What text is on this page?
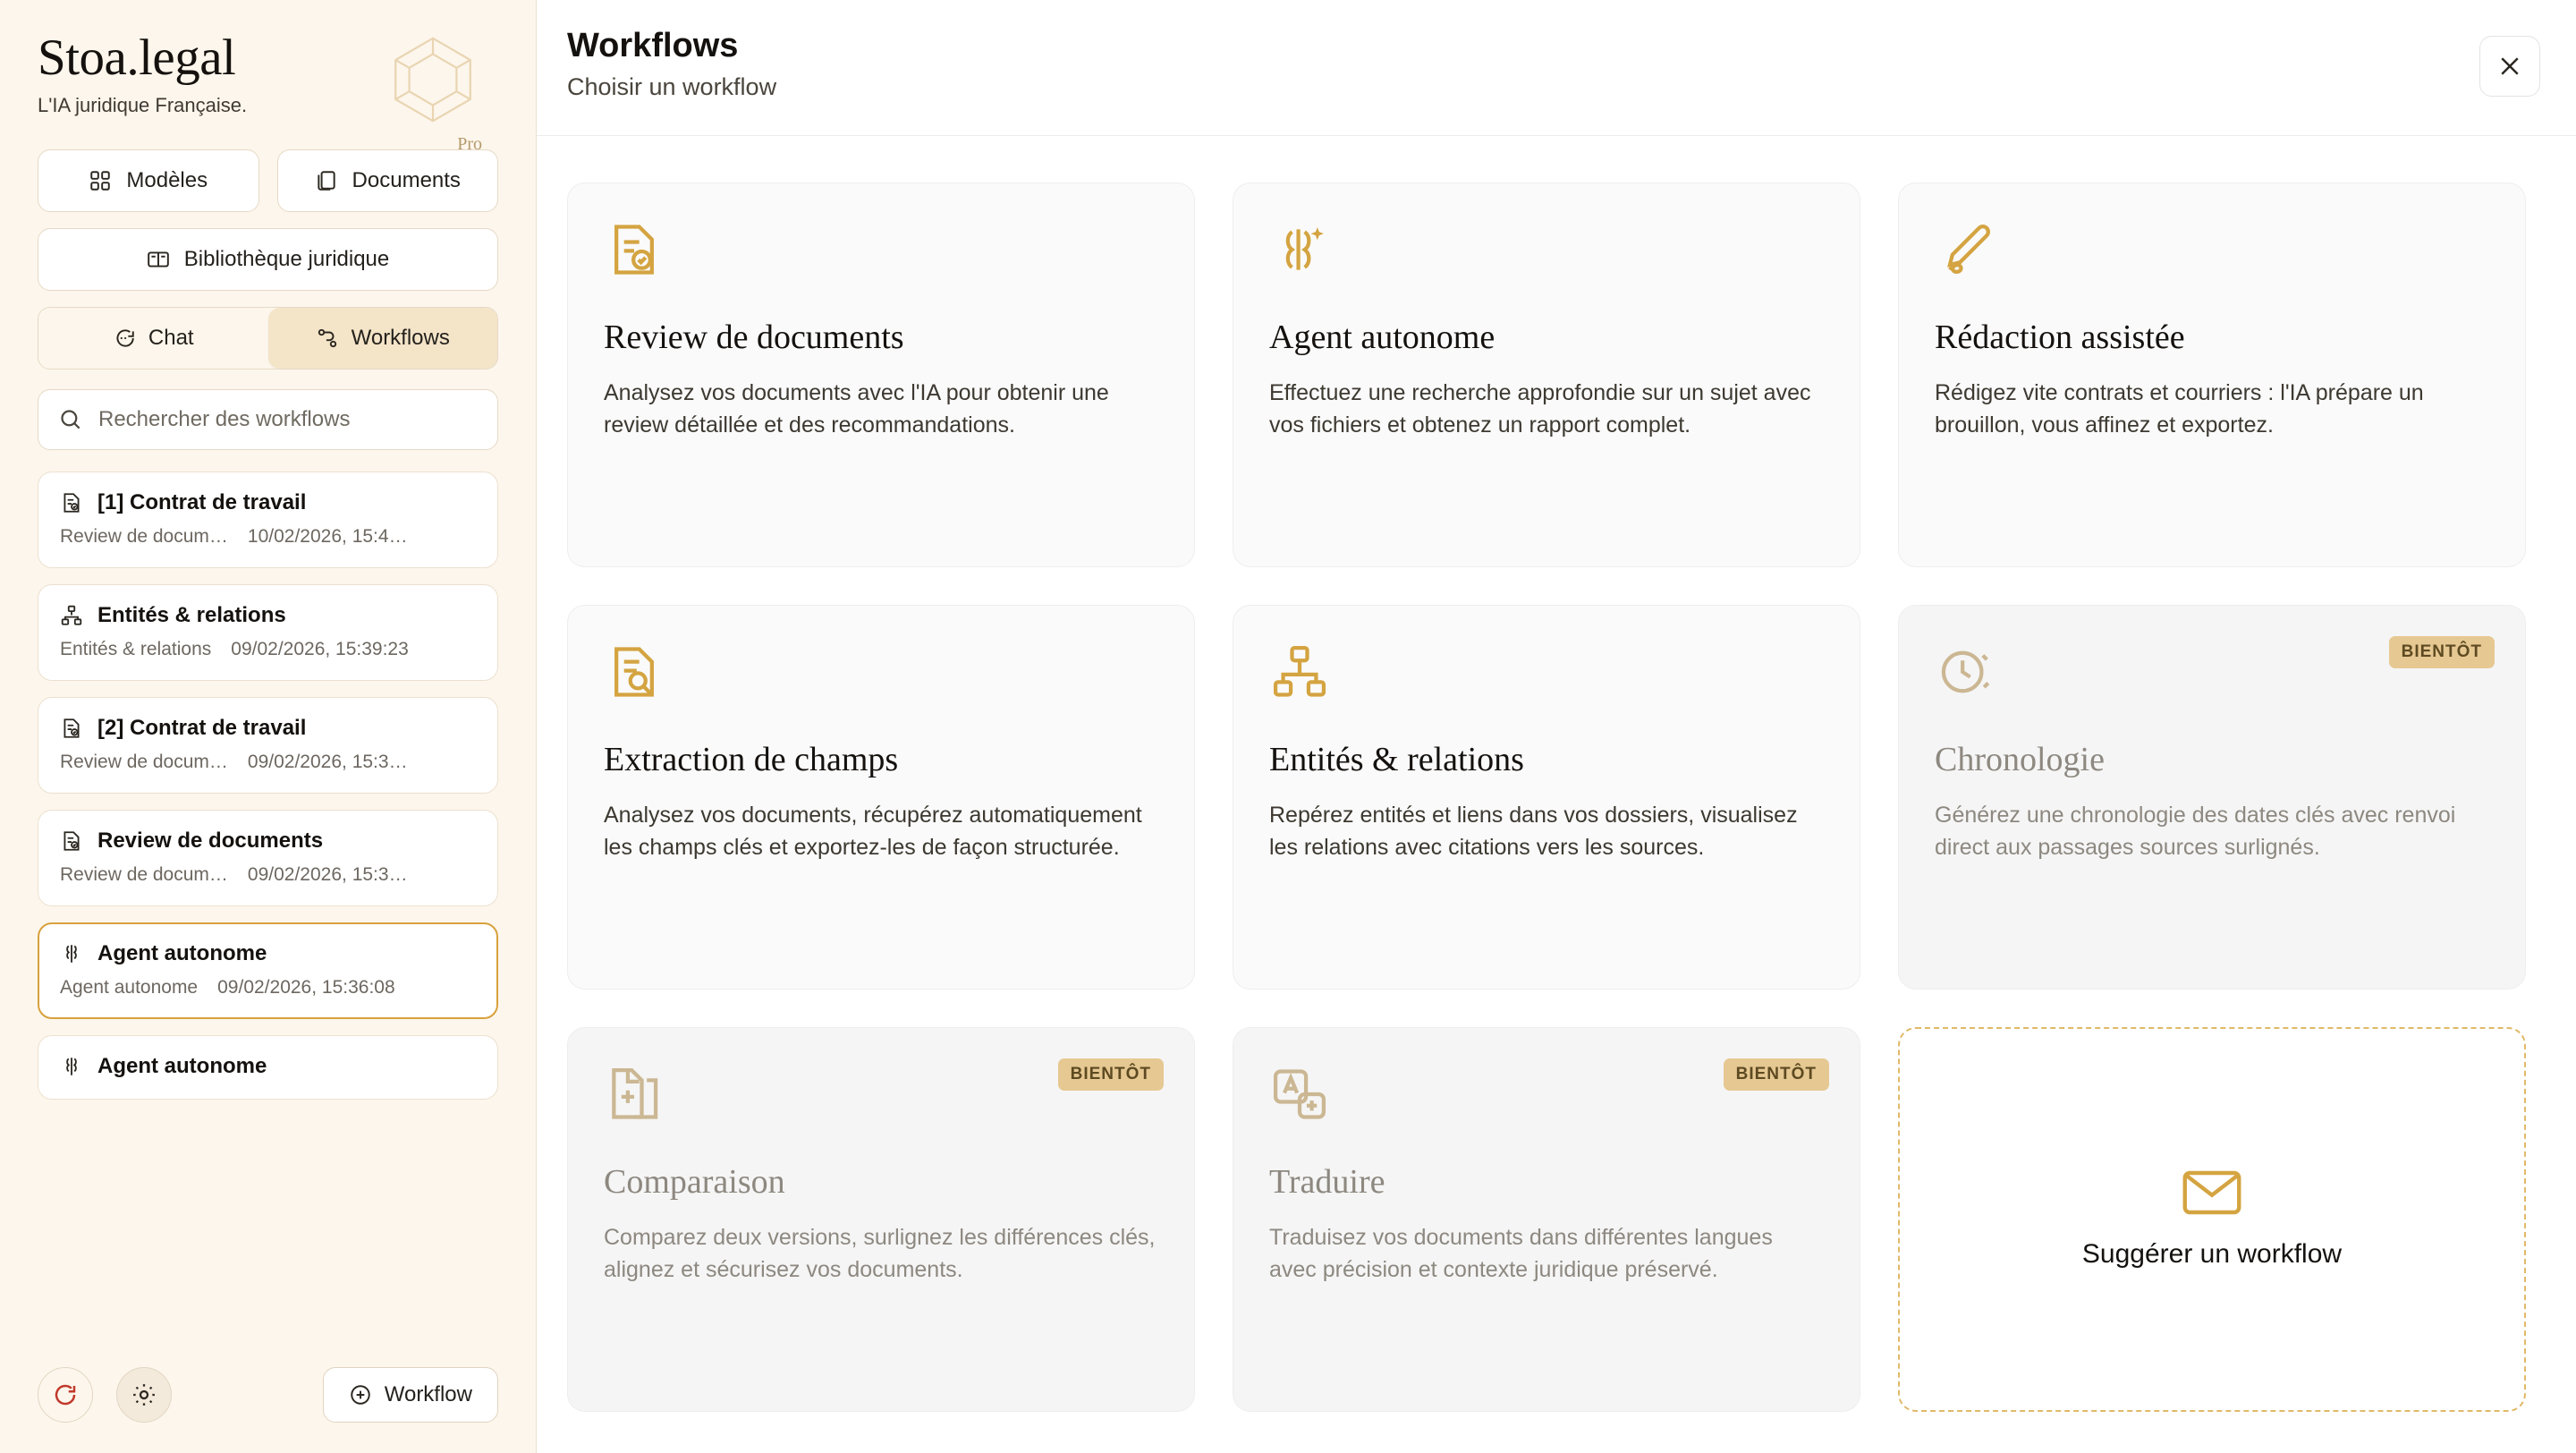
Stoa.legal
L'IA juridique Française.
Pro
Modèles	Documents
Bibliothèque juridique
Chat	Workflows
Rechercher des workflows
[1] Contrat de travail
Review de docum… 10/02/2026, 15:4…
Entités & relations
Entités & relations 09/02/2026, 15:39:23
[2] Contrat de travail
Review de docum… 09/02/2026, 15:3…
Review de documents
Review de docum… 09/02/2026, 15:3…
Agent autonome
Agent autonome 09/02/2026, 15:36:08
Agent autonome
Workflow
Workflows
Choisir un workflow
Review de documents
Analysez vos documents avec l'IA pour obtenir une review détaillée et des recommandations.
Agent autonome
Effectuez une recherche approfondie sur un sujet avec vos fichiers et obtenez un rapport complet.
Rédaction assistée
Rédigez vite contrats et courriers : l'IA prépare un brouillon, vous affinez et exportez.
Extraction de champs
Analysez vos documents, récupérez automatiquement les champs clés et exportez-les de façon structurée.
Entités & relations
Repérez entités et liens dans vos dossiers, visualisez les relations avec citations vers les sources.
BIENTÔT
Chronologie
Générez une chronologie des dates clés avec renvoi direct aux passages sources surlignés.
BIENTÔT
Comparaison
Comparez deux versions, surlignez les différences clés, alignez et sécurisez vos documents.
BIENTÔT
Traduire
Traduisez vos documents dans différentes langues avec précision et contexte juridique préservé.
Suggérer un workflow
